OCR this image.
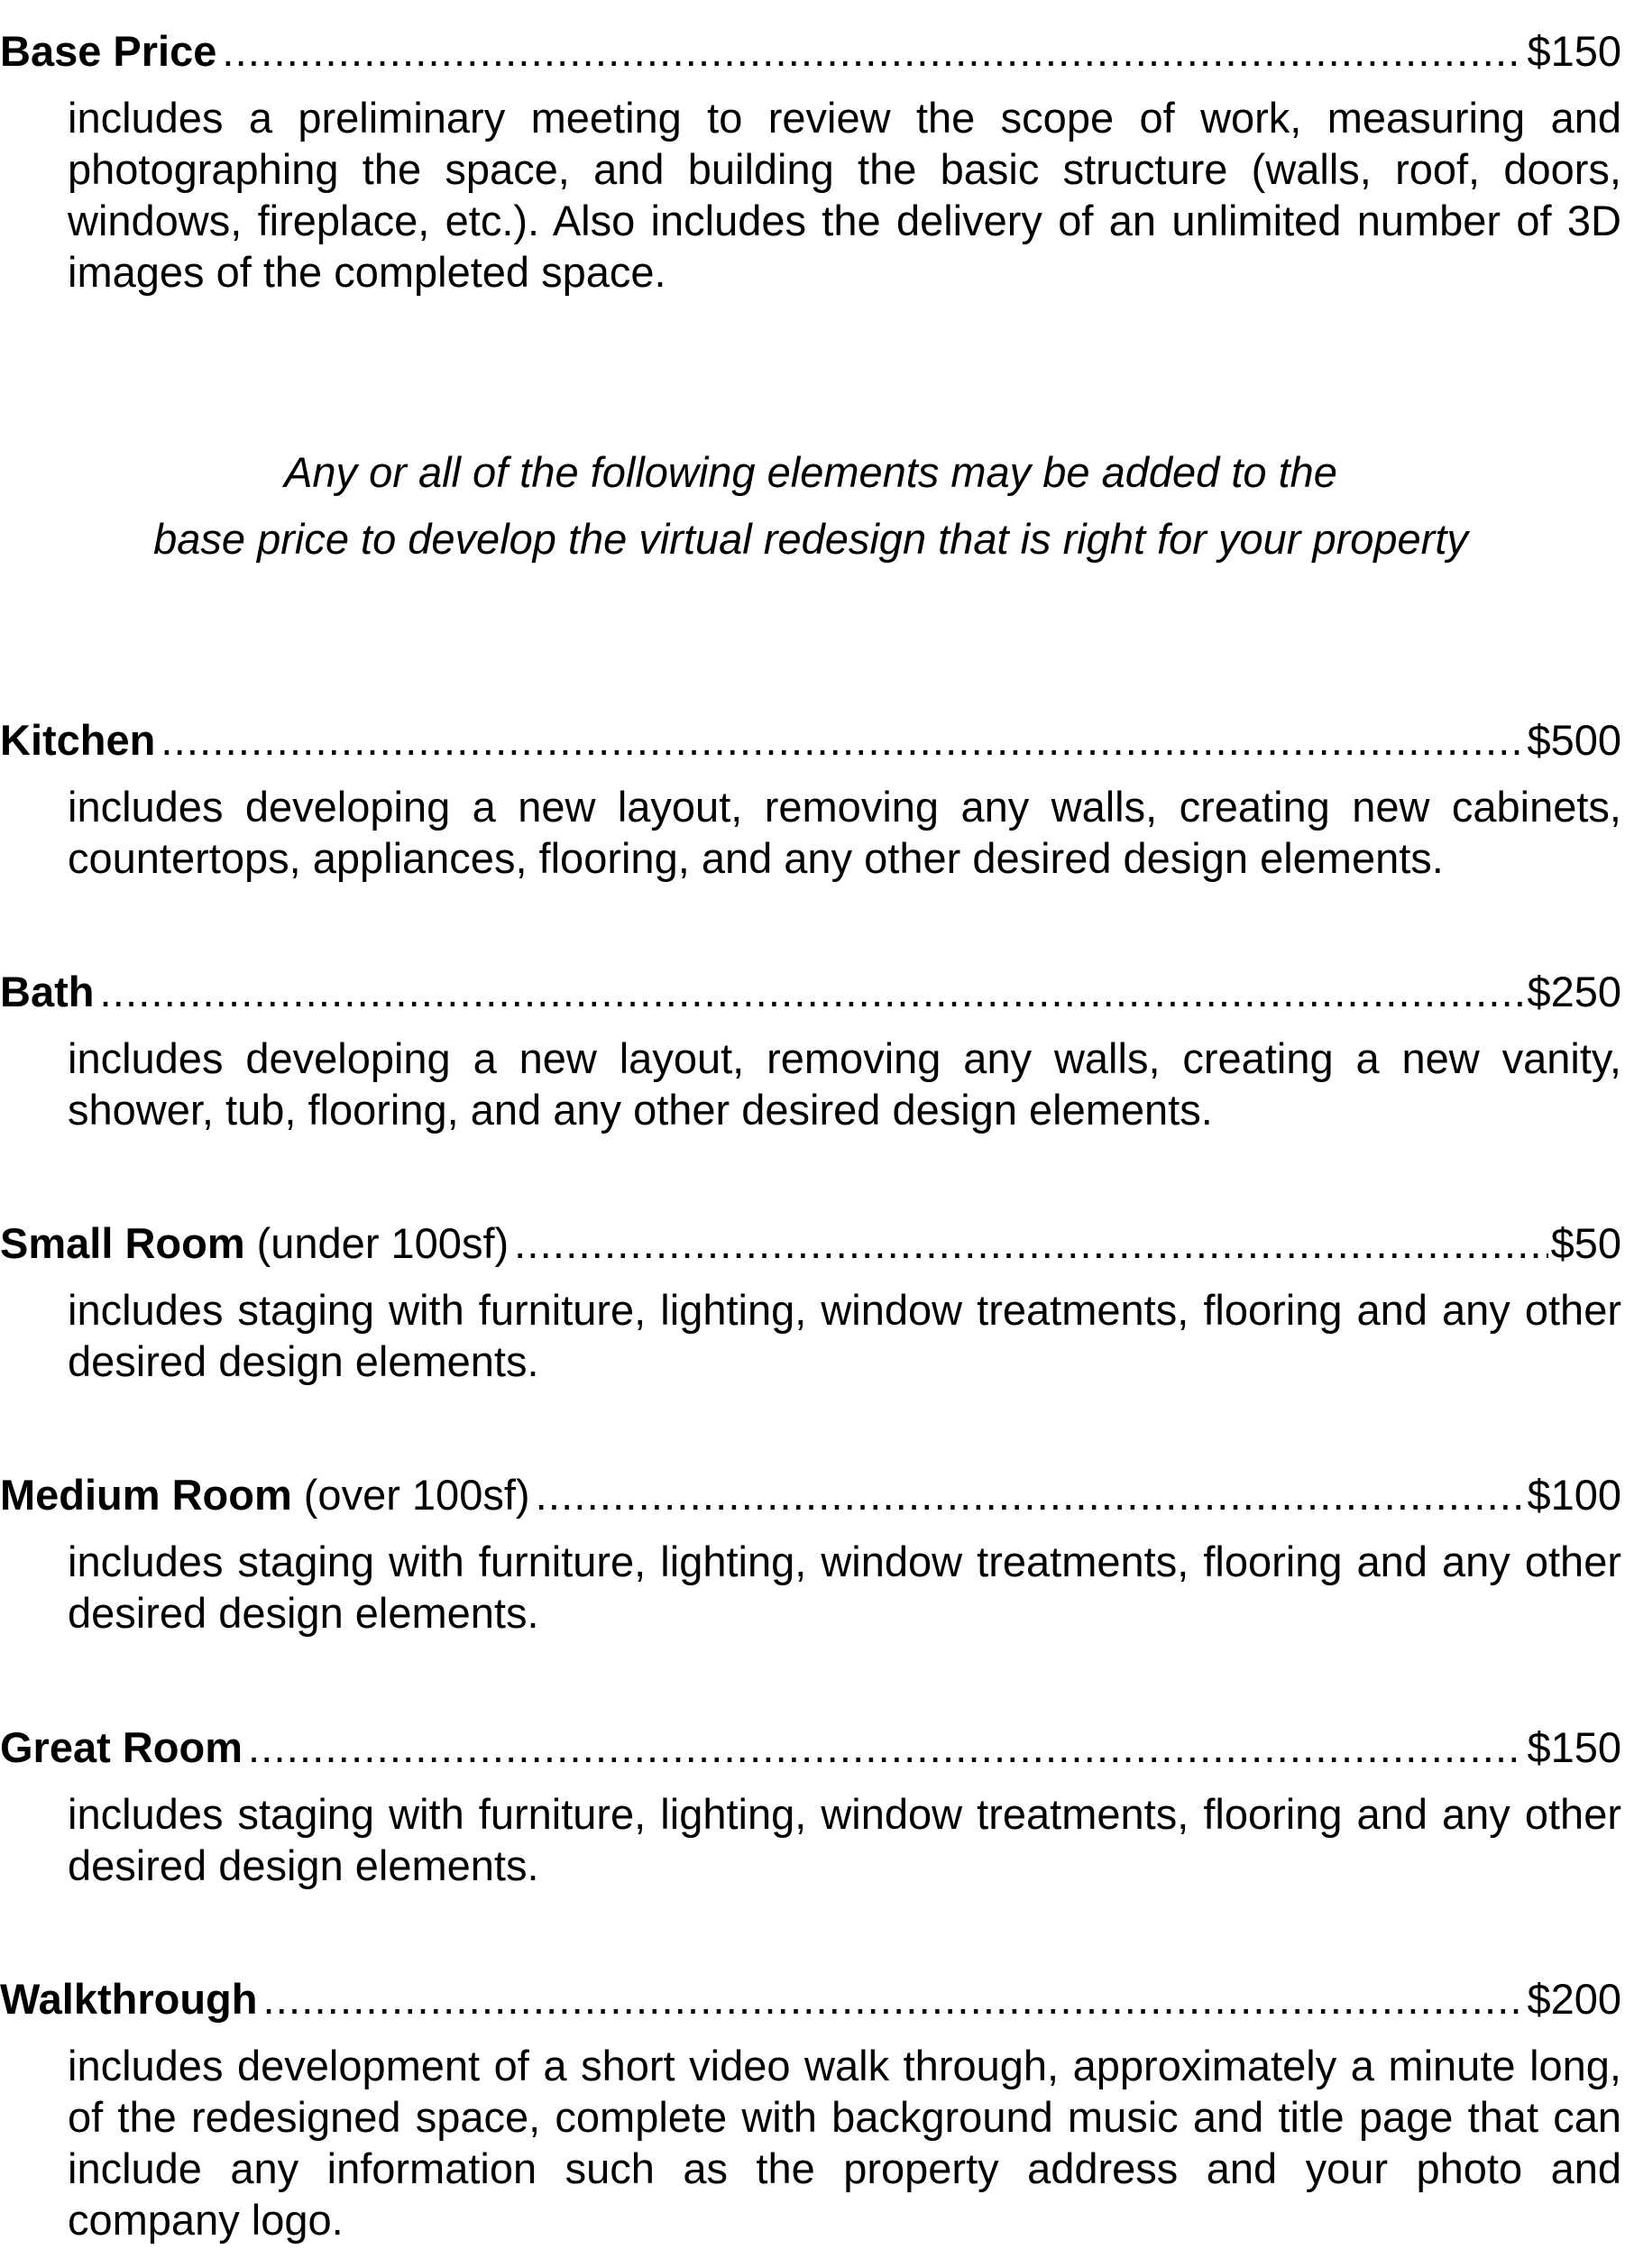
Base Price .....	$150
includes a preliminary meeting to review the scope of work, measuring and photographing the space, and building the basic structure (walls, roof, doors, windows, fireplace, etc.). Also includes the delivery of an unlimited number of 3D images of the completed space.
Any or all of the following elements may be added to the
base price to develop the virtual redesign that is right for your property
Kitchen .....	$500
includes developing a new layout, removing any walls, creating new cabinets, countertops, appliances, flooring, and any other desired design elements.
Bath .....	$250
includes developing a new layout, removing any walls, creating a new vanity, shower, tub, flooring, and any other desired design elements.
Small Room (under 100sf) .....	$50
includes staging with furniture, lighting, window treatments, flooring and any other desired design elements.
Medium Room (over 100sf) .....	$100
includes staging with furniture, lighting, window treatments, flooring and any other desired design elements.
Great Room .....	$150
includes staging with furniture, lighting, window treatments, flooring and any other desired design elements.
Walkthrough .....	$200
includes development of a short video walk through, approximately a minute long, of the redesigned space, complete with background music and title page that can include any information such as the property address and your photo and company logo.
